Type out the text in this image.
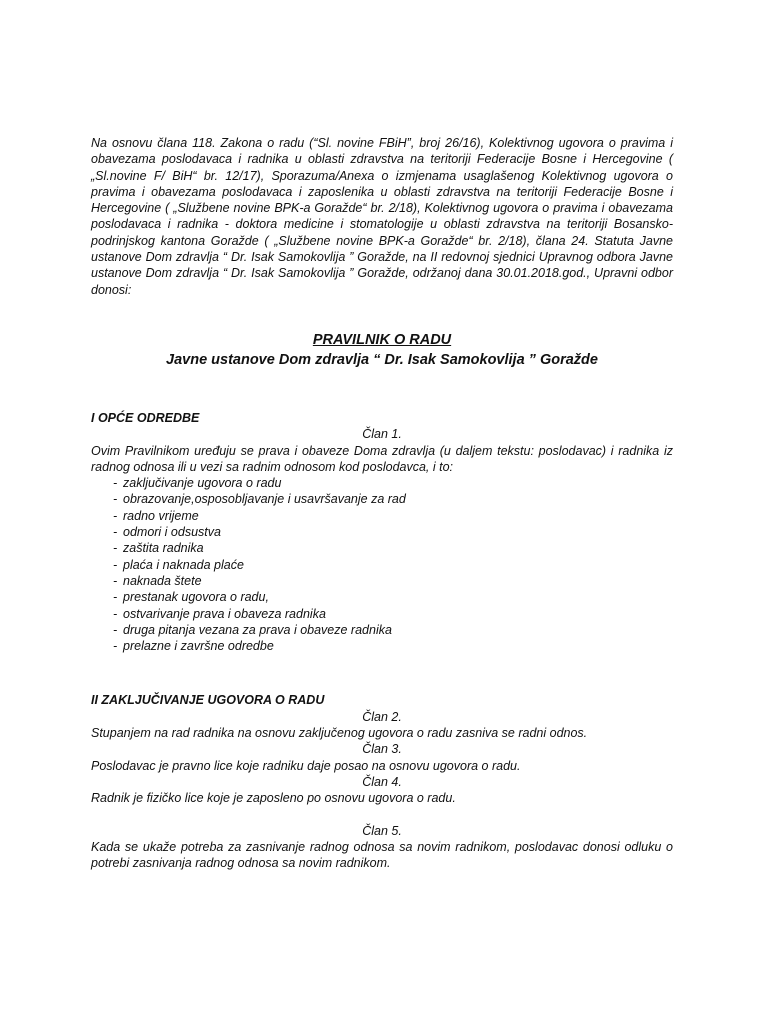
Na osnovu člana 118. Zakona o radu (“Sl. novine FBiH”, broj 26/16), Kolektivnog ugovora o pravima i obavezama poslodavaca i radnika u oblasti zdravstva na teritoriji Federacije Bosne i Hercegovine ( „Sl.novine F/ BiH“ br. 12/17), Sporazuma/Anexa o izmjenama usaglašenog Kolektivnog ugovora o pravima i obavezama poslodavaca i zaposlenika u oblasti zdravstva na teritoriji Federacije Bosne i Hercegovine ( „Službene novine BPK-a Goražde“ br. 2/18), Kolektivnog ugovora o pravima i obavezama poslodavaca i radnika - doktora medicine i stomatologije u oblasti zdravstva na teritoriji Bosansko-podrinjskog kantona Goražde ( „Službene novine BPK-a Goražde“ br. 2/18), člana 24. Statuta Javne ustanove Dom zdravlja “ Dr. Isak Samokovlija ” Goražde, na II redovnoj sjednici Upravnog odbora Javne ustanove Dom zdravlja “ Dr. Isak Samokovlija ” Goražde, održanoj dana 30.01.2018.god., Upravni odbor donosi:

PRAVILNIK O RADU
Javne ustanove Dom zdravlja “ Dr. Isak Samokovlija ” Goražde
I OPĆE ODREDBE
Član 1.

Ovim Pravilnikom uređuju se prava i obaveze Doma zdravlja (u daljem tekstu: poslodavac) i radnika iz radnog odnosa ili u vezi sa radnim odnosom kod poslodavca, i to:

- zaključivanje ugovora o radu
- obrazovanje,osposobljavanje i usavršavanje za rad
- radno vrijeme
- odmori i odsustva
- zaštita radnika
- plaća i naknada plaće
- naknada štete
- prestanak ugovora o radu,
- ostvarivanje prava i obaveza radnika
- druga pitanja vezana za prava i obaveze radnika
- prelazne i završne odredbe
II ZAKLJUČIVANJE UGOVORA O RADU
Član 2.

Stupanjem na rad radnika na osnovu zaključenog ugovora o radu zasniva se radni odnos.

Član 3.

Poslodavac je pravno lice koje radniku daje posao na osnovu ugovora o radu.

Član 4.

Radnik je fizičko lice koje je zaposleno po osnovu ugovora o radu.

Član 5.

Kada se ukaže potreba za zasnivanje radnog odnosa sa novim radnikom, poslodavac donosi odluku o potrebi zasnivanja radnog odnosa sa novim radnikom.
